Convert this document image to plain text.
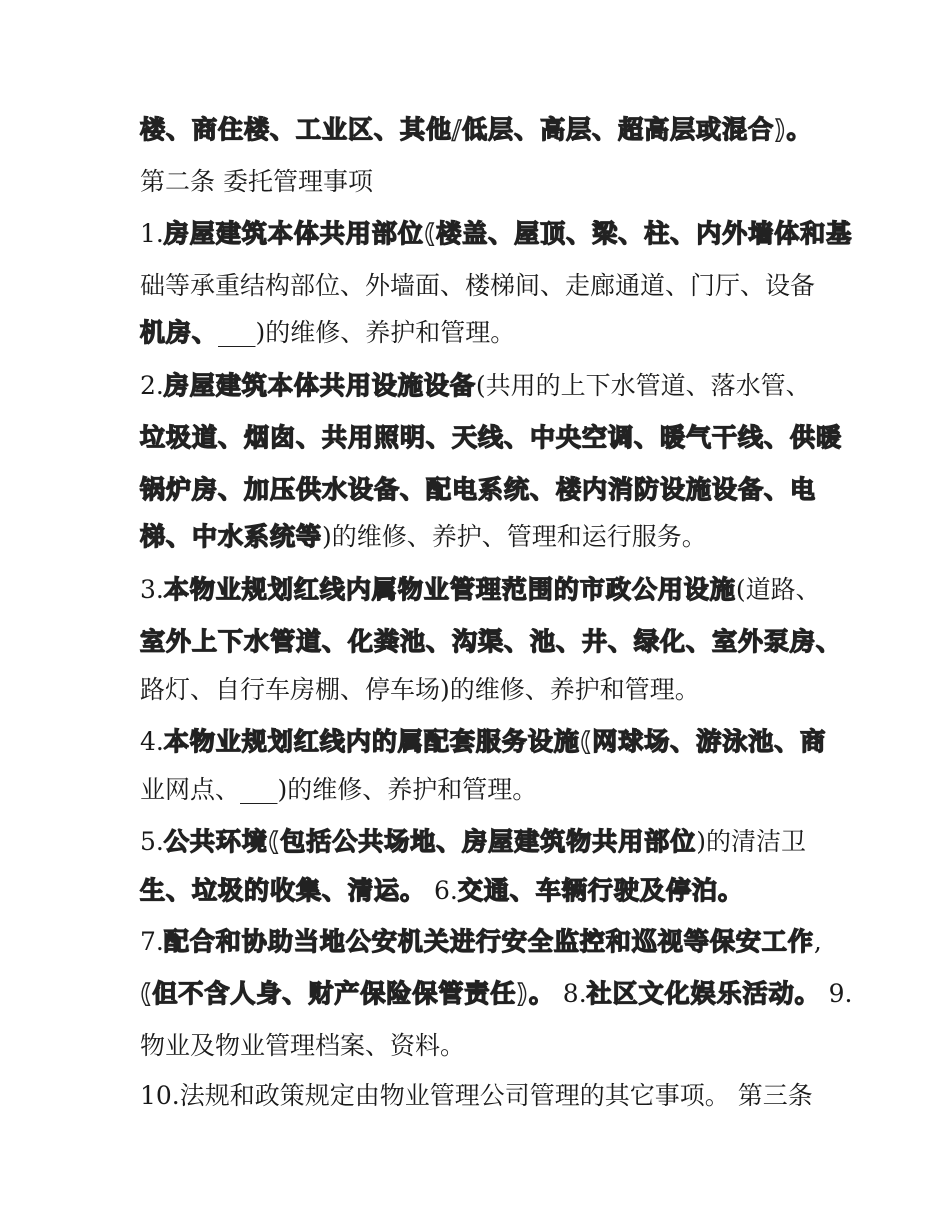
楼、商住楼、工业区、其他/低层、高层、超高层或混合)。
第二条 委托管理事项
1.房屋建筑本体共用部位(楼盖、屋顶、梁、柱、内外墙体和基
础等承重结构部位、外墙面、楼梯间、走廊通道、门厅、设备
机房、___)的维修、养护和管理。
2.房屋建筑本体共用设施设备(共用的上下水管道、落水管、
垃圾道、烟囱、共用照明、天线、中央空调、暖气干线、供暖
锅炉房、加压供水设备、配电系统、楼内消防设施设备、电
梯、中水系统等)的维修、养护、管理和运行服务。
3.本物业规划红线内属物业管理范围的市政公用设施(道路、
室外上下水管道、化粪池、沟渠、池、井、绿化、室外泵房、
路灯、自行车房棚、停车场)的维修、养护和管理。
4.本物业规划红线内的属配套服务设施(网球场、游泳池、商
业网点、___)的维修、养护和管理。
5.公共环境(包括公共场地、房屋建筑物共用部位)的清洁卫
生、垃圾的收集、清运。 6.交通、车辆行驶及停泊。
7.配合和协助当地公安机关进行安全监控和巡视等保安工作,
(但不含人身、财产保险保管责任)。 8.社区文化娱乐活动。 9.
物业及物业管理档案、资料。
10.法规和政策规定由物业管理公司管理的其它事项。 第三条
